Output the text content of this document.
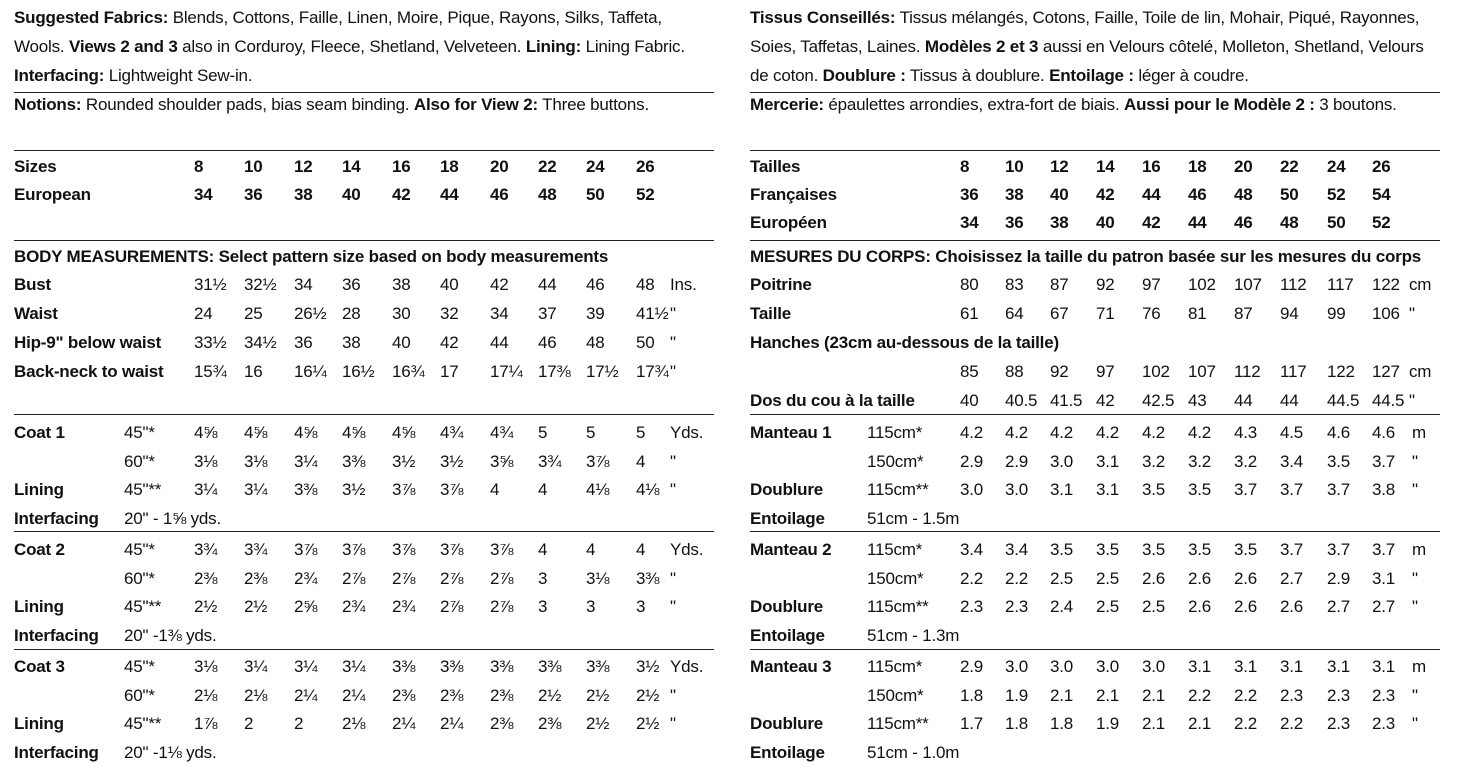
Suggested Fabrics: Blends, Cottons, Faille, Linen, Moire, Pique, Rayons, Silks, Taffeta, Wools. Views 2 and 3 also in Corduroy, Fleece, Shetland, Velveteen. Lining: Lining Fabric. Interfacing: Lightweight Sew-in.

Notions: Rounded shoulder pads, bias seam binding. Also for View 2: Three buttons.

Sizes	8 10 12 14 16 18 20 22 24 26
European	34 36 38 40 42 44 46 48 50 52
BODY MEASUREMENTS: Select pattern size based on body measurements
Bust	31½ 32½ 34 36 38 40 42 44 46 48 Ins.
Waist	24 25 26½ 28 30 32 34 37 39 41½ "
Hip-9" below waist 33½ 34½ 36 38 40 42 44 46 48 50 "
Back-neck to waist 15¾ 16 16¼ 16½ 16¾ 17 17¼ 17⅜ 17½ 17¾ "
Coat 1	45"* 4⅝ 4⅝ 4⅝ 4⅝ 4⅝ 4¾ 4¾ 5 5 5 Yds.
60"* 3⅛ 3⅛ 3¼ 3⅜ 3½ 3½ 3⅝ 3¾ 3⅞ 4 "
Lining	45"** 3¼ 3¼ 3⅜ 3½ 3⅞ 3⅞ 4 4 4⅛ 4⅛ "
Interfacing 20" - 1⅝ yds.
Coat 2	45"* 3¾ 3¾ 3⅞ 3⅞ 3⅞ 3⅞ 3⅞ 4 4 4 Yds.
60"* 2⅜ 2⅜ 2¾ 2⅞ 2⅞ 2⅞ 2⅞ 3 3⅛ 3⅜ "
Lining	45"** 2½ 2½ 2⅝ 2¾ 2¾ 2⅞ 2⅞ 3 3 3 "
Interfacing 20" -1⅜ yds.
Coat 3	45"* 3⅛ 3¼ 3¼ 3¼ 3⅜ 3⅜ 3⅜ 3⅜ 3⅜ 3½ Yds.
60"* 2⅛ 2⅛ 2¼ 2¼ 2⅜ 2⅜ 2⅜ 2½ 2½ 2½ "
Lining	45"** 1⅞ 2 2 2⅛ 2¼ 2¼ 2⅜ 2⅜ 2½ 2½ "
Interfacing 20" -1⅛ yds.

Tissus Conseillés: Tissus mélangés, Cotons, Faille, Toile de lin, Mohair, Piqué, Rayonnes, Soies, Taffetas, Laines. Modèles 2 et 3 aussi en Velours côtelé, Molleton, Shetland, Velours de coton. Doublure : Tissus à doublure. Entoilage : léger à coudre.

Mercerie: épaulettes arrondies, extra-fort de biais. Aussi pour le Modèle 2 : 3 boutons.

Tailles	8 10 12 14 16 18 20 22 24 26
Françaises	36 38 40 42 44 46 48 50 52 54
Européen	34 36 38 40 42 44 46 48 50 52
MESURES DU CORPS: Choisissez la taille du patron basée sur les mesures du corps
Poitrine	80 83 87 92 97 102 107 112 117 122 cm
Taille	61 64 67 71 76 81 87 94 99 106 "
Hanches (23cm au-dessous de la taille)
85 88 92 97 102 107 112 117 122 127 cm
Dos du cou à la taille	40 40.5 41.5 42 42.5 43 44 44 44.5 44.5 "
Manteau 1 115cm* 4.2 4.2 4.2 4.2 4.2 4.2 4.3 4.5 4.6 4.6 m
150cm* 2.9 2.9 3.0 3.1 3.2 3.2 3.2 3.4 3.5 3.7 "
Doublure	115cm** 3.0 3.0 3.1 3.1 3.5 3.5 3.7 3.7 3.7 3.8 "
Entoilage 51cm - 1.5m
Manteau 2 115cm* 3.4 3.4 3.5 3.5 3.5 3.5 3.5 3.7 3.7 3.7 m
150cm* 2.2 2.2 2.5 2.5 2.6 2.6 2.6 2.7 2.9 3.1 "
Doublure	115cm** 2.3 2.3 2.4 2.5 2.5 2.6 2.6 2.6 2.7 2.7 "
Entoilage 51cm - 1.3m
Manteau 3 115cm* 2.9 3.0 3.0 3.0 3.0 3.1 3.1 3.1 3.1 3.1 m
150cm* 1.8 1.9 2.1 2.1 2.1 2.2 2.2 2.3 2.3 2.3 "
Doublure	115cm** 1.7 1.8 1.8 1.9 2.1 2.1 2.2 2.2 2.3 2.3 "
Entoilage 51cm - 1.0m
